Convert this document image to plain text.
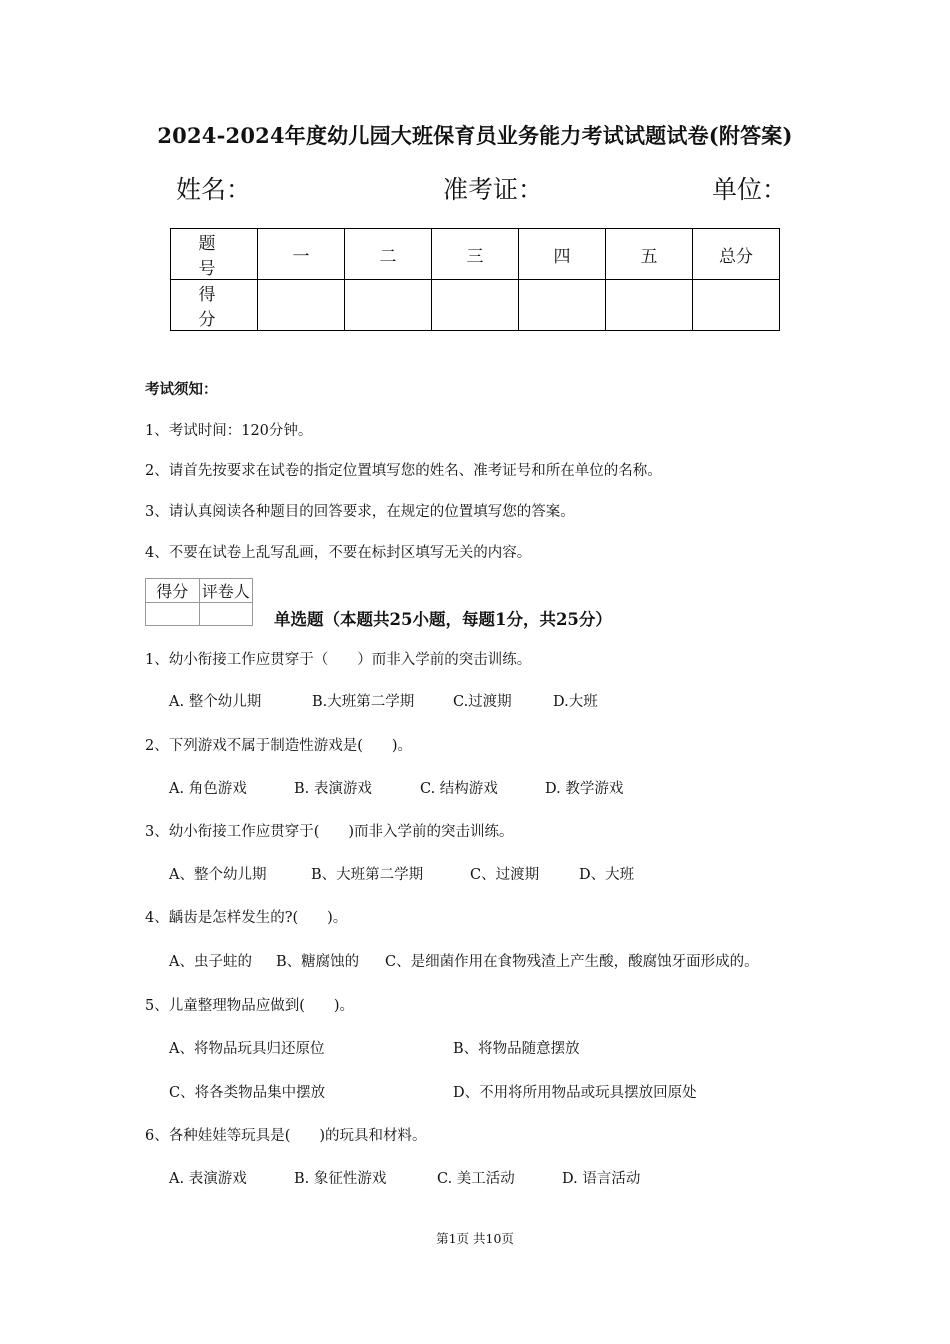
2024-2024年度幼儿园大班保育员业务能力考试试题试卷(附答案)
姓名：	准考证：	单位：
题　号	一	二	三	四	五	总分
得　分						
考试须知：
1、考试时间：120分钟。
2、请首先按要求在试卷的指定位置填写您的姓名、准考证号和所在单位的名称。
3、请认真阅读各种题目的回答要求，在规定的位置填写您的答案。
4、不要在试卷上乱写乱画，不要在标封区填写无关的内容。
得分	评卷人

单选题（本题共25小题，每题1分，共25分）
1、幼小衔接工作应贯穿于（　　）而非入学前的突击训练。
A. 整个幼儿期	B.大班第二学期	C.过渡期	D.大班
2、下列游戏不属于制造性游戏是(　　)。
A. 角色游戏	B. 表演游戏	C. 结构游戏	D. 教学游戏
3、幼小衔接工作应贯穿于(　　)而非入学前的突击训练。
A、整个幼儿期	B、大班第二学期	C、过渡期	D、大班
4、龋齿是怎样发生的?(　　)。
A、虫子蛀的 B、糖腐蚀的 C、是细菌作用在食物残渣上产生酸，酸腐蚀牙面形成的。
5、儿童整理物品应做到(　　)。
A、将物品玩具归还原位	B、将物品随意摆放
C、将各类物品集中摆放	D、不用将所用物品或玩具摆放回原处
6、各种娃娃等玩具是(　　)的玩具和材料。
A. 表演游戏	B. 象征性游戏	C. 美工活动	D. 语言活动
第1页 共10页
